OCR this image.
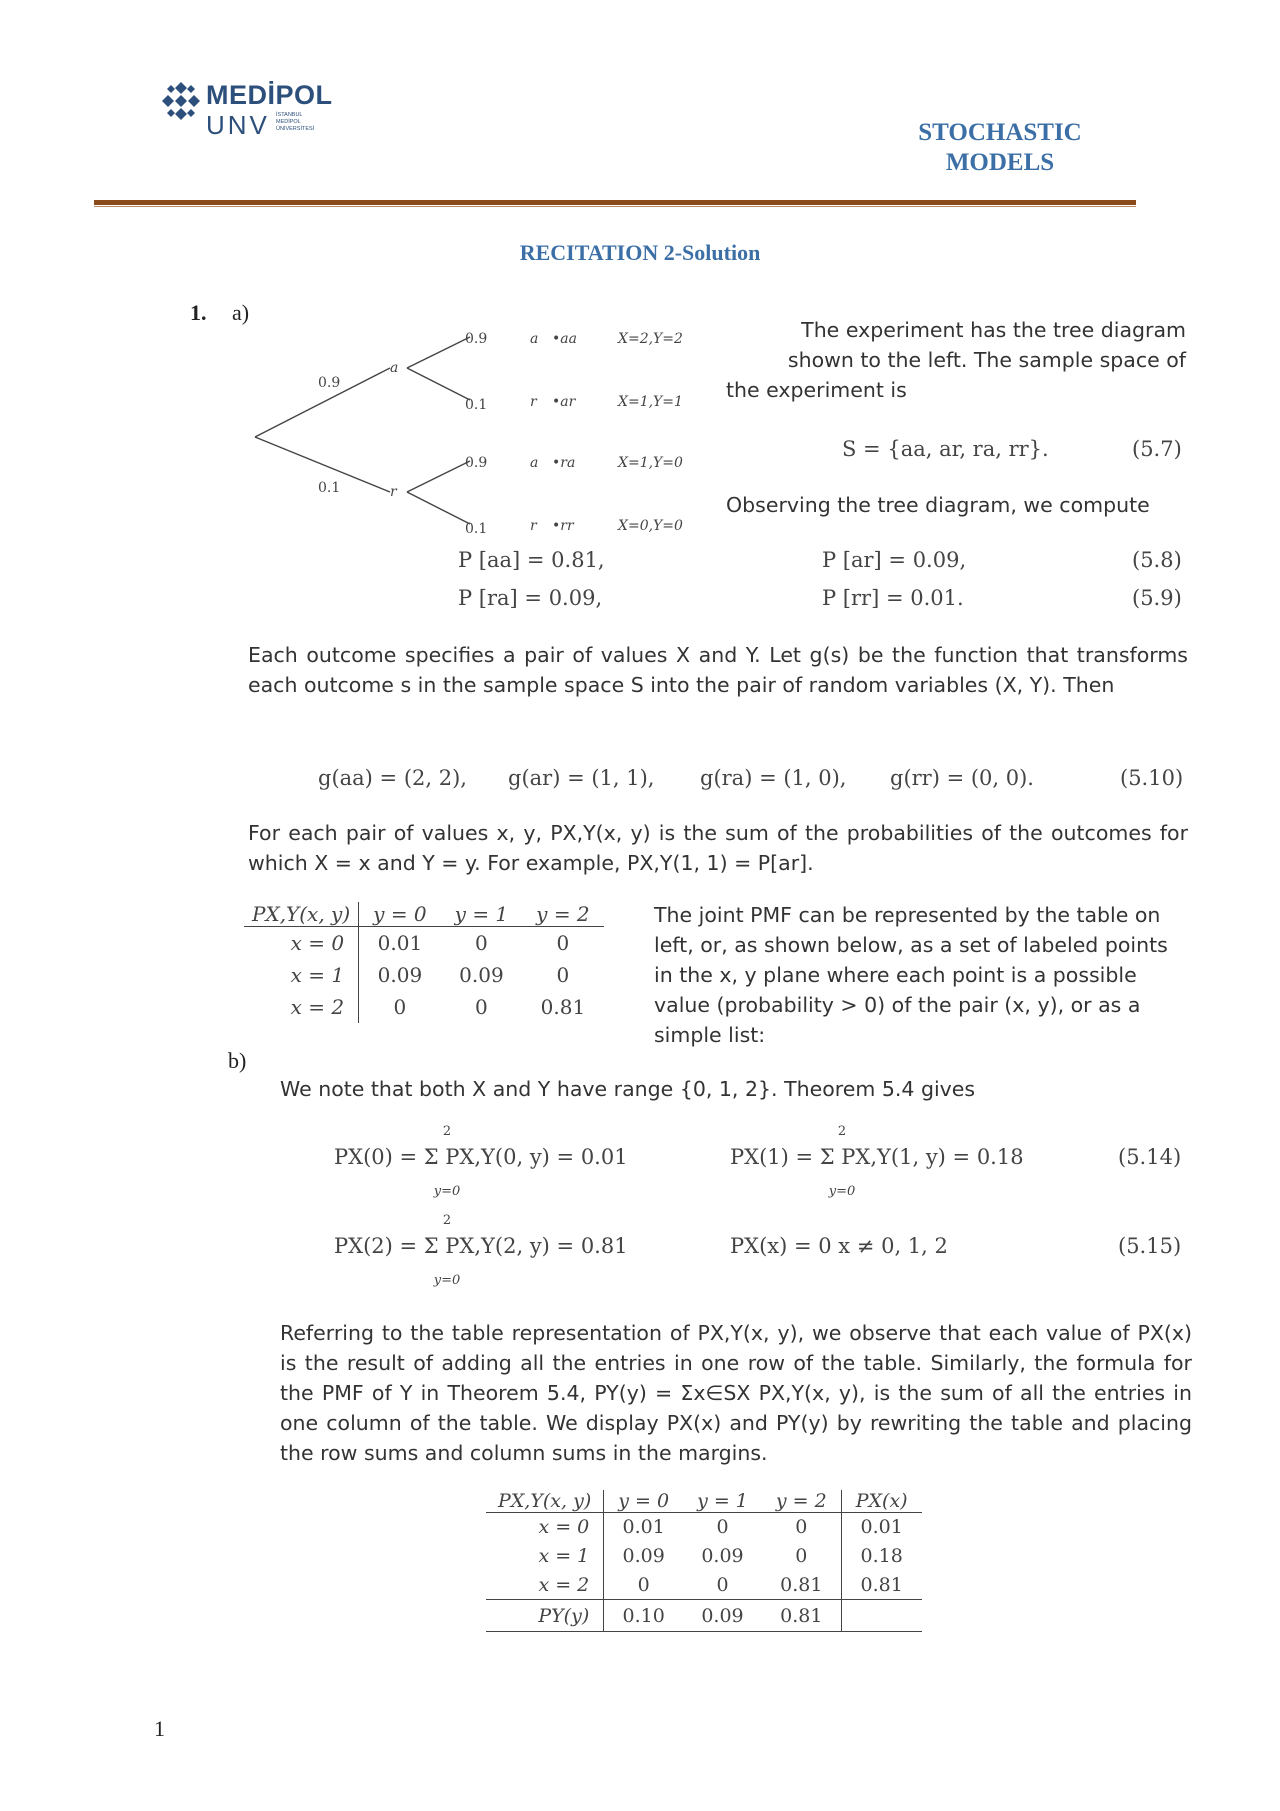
MEDİPOL
UNV İSTANBUL
MEDİPOL
ÜNİVERSİTESİ	STOCHASTIC
MODELS
RECITATION 2-Solution
1. a)
0.9
0.1
a
r
0.9
0.1
0.9
0.1
a
r
a
r
•aa
•ar
•ra
•rr
X=2,Y=2
X=1,Y=1
X=1,Y=0
X=0,Y=0
The experiment has the tree diagram
shown to the left. The sample space of
the experiment is
S = {aa, ar, ra, rr}.	(5.7)
Observing the tree diagram, we compute
P [aa] = 0.81,	P [ar] = 0.09,	(5.8)
P [ra] = 0.09,	P [rr] = 0.01.	(5.9)
Each outcome specifies a pair of values X and Y. Let g(s) be the function that transforms each outcome s in the sample space S into the pair of random variables (X, Y). Then
g(aa) = (2, 2), g(ar) = (1, 1), g(ra) = (1, 0), g(rr) = (0, 0).	(5.10)
For each pair of values x, y, PX,Y(x, y) is the sum of the probabilities of the outcomes for which X = x and Y = y. For example, PX,Y(1, 1) = P[ar].
PX,Y(x, y)	y = 0	y = 1	y = 2
x = 0	0.01	0	0
x = 1	0.09	0.09	0
x = 2	0	0	0.81
The joint PMF can be represented by the table on
left, or, as shown below, as a set of labeled points
in the x, y plane where each point is a possible
value (probability > 0) of the pair (x, y), or as a
simple list:
b)
We note that both X and Y have range {0, 1, 2}. Theorem 5.4 gives
PX(0) = Σ PX,Y(0, y) = 0.01
2
y=0
PX(1) = Σ PX,Y(1, y) = 0.18
2
y=0
(5.14)
PX(2) = Σ PX,Y(2, y) = 0.81
2
y=0
PX(x) = 0 x ≠ 0, 1, 2	(5.15)
Referring to the table representation of PX,Y(x, y), we observe that each value of PX(x) is the result of adding all the entries in one row of the table. Similarly, the formula for the PMF of Y in Theorem 5.4, PY(y) = Σx∈SX PX,Y(x, y), is the sum of all the entries in one column of the table. We display PX(x) and PY(y) by rewriting the table and placing the row sums and column sums in the margins.
PX,Y(x, y)	y = 0	y = 1	y = 2	PX(x)
x = 0	0.01	0	0	0.01
x = 1	0.09	0.09	0	0.18
x = 2	0	0	0.81	0.81
PY(y)	0.10	0.09	0.81	
1
